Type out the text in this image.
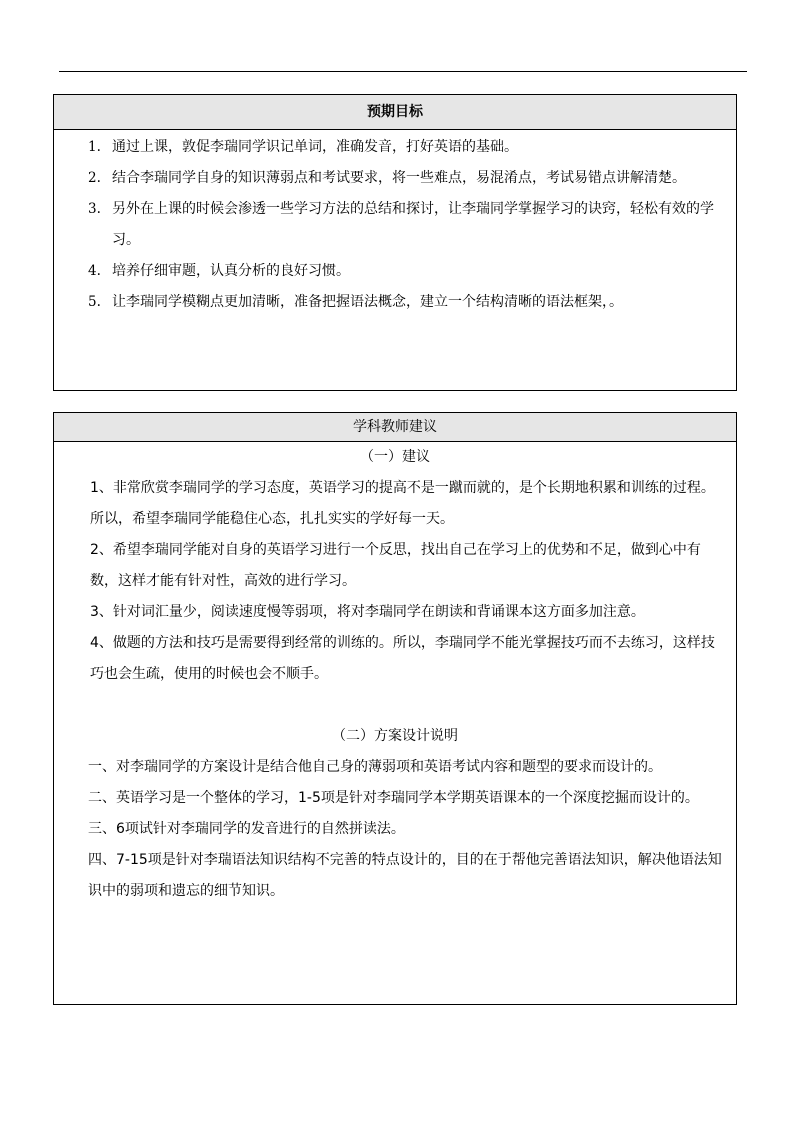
预期目标
1. 通过上课，敦促李瑞同学识记单词，准确发音，打好英语的基础。
2. 结合李瑞同学自身的知识薄弱点和考试要求，将一些难点，易混淆点，考试易错点讲解清楚。
3. 另外在上课的时候会渗透一些学习方法的总结和探讨，让李瑞同学掌握学习的诀窍，轻松有效的学习。
4. 培养仔细审题，认真分析的良好习惯。
5. 让李瑞同学模糊点更加清晰，准备把握语法概念，建立一个结构清晰的语法框架，。
学科教师建议
（一）建议
1、非常欣赏李瑞同学的学习态度，英语学习的提高不是一蹴而就的，是个长期地积累和训练的过程。所以，希望李瑞同学能稳住心态，扎扎实实的学好每一天。
2、希望李瑞同学能对自身的英语学习进行一个反思，找出自己在学习上的优势和不足，做到心中有数，这样才能有针对性，高效的进行学习。
3、针对词汇量少，阅读速度慢等弱项，将对李瑞同学在朗读和背诵课本这方面多加注意。
4、做题的方法和技巧是需要得到经常的训练的。所以，李瑞同学不能光掌握技巧而不去练习，这样技巧也会生疏，使用的时候也会不顺手。
（二）方案设计说明
一、对李瑞同学的方案设计是结合他自己身的薄弱项和英语考试内容和题型的要求而设计的。
二、英语学习是一个整体的学习，1-5项是针对李瑞同学本学期英语课本的一个深度挖掘而设计的。
三、6项试针对李瑞同学的发音进行的自然拼读法。
四、7-15项是针对李瑞语法知识结构不完善的特点设计的，目的在于帮他完善语法知识，解决他语法知识中的弱项和遗忘的细节知识。
